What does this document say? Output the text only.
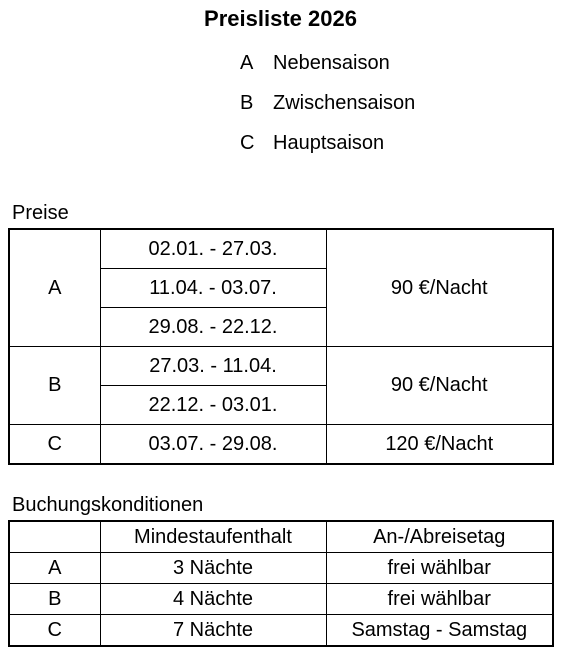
Preisliste 2026
A Nebensaison
B Zwischensaison
C Hauptsaison
Preise
A	02.01. - 27.03.	90 €/Nacht
	11.04. - 03.07.	
	29.08. - 22.12.	
B	27.03. - 11.04.	90 €/Nacht
	22.12. - 03.01.	
C	03.07. - 29.08.	120 €/Nacht
Buchungskonditionen
	Mindestaufenthalt	An-/Abreisetag
A	3 Nächte	frei wählbar
B	4 Nächte	frei wählbar
C	7 Nächte	Samstag - Samstag
